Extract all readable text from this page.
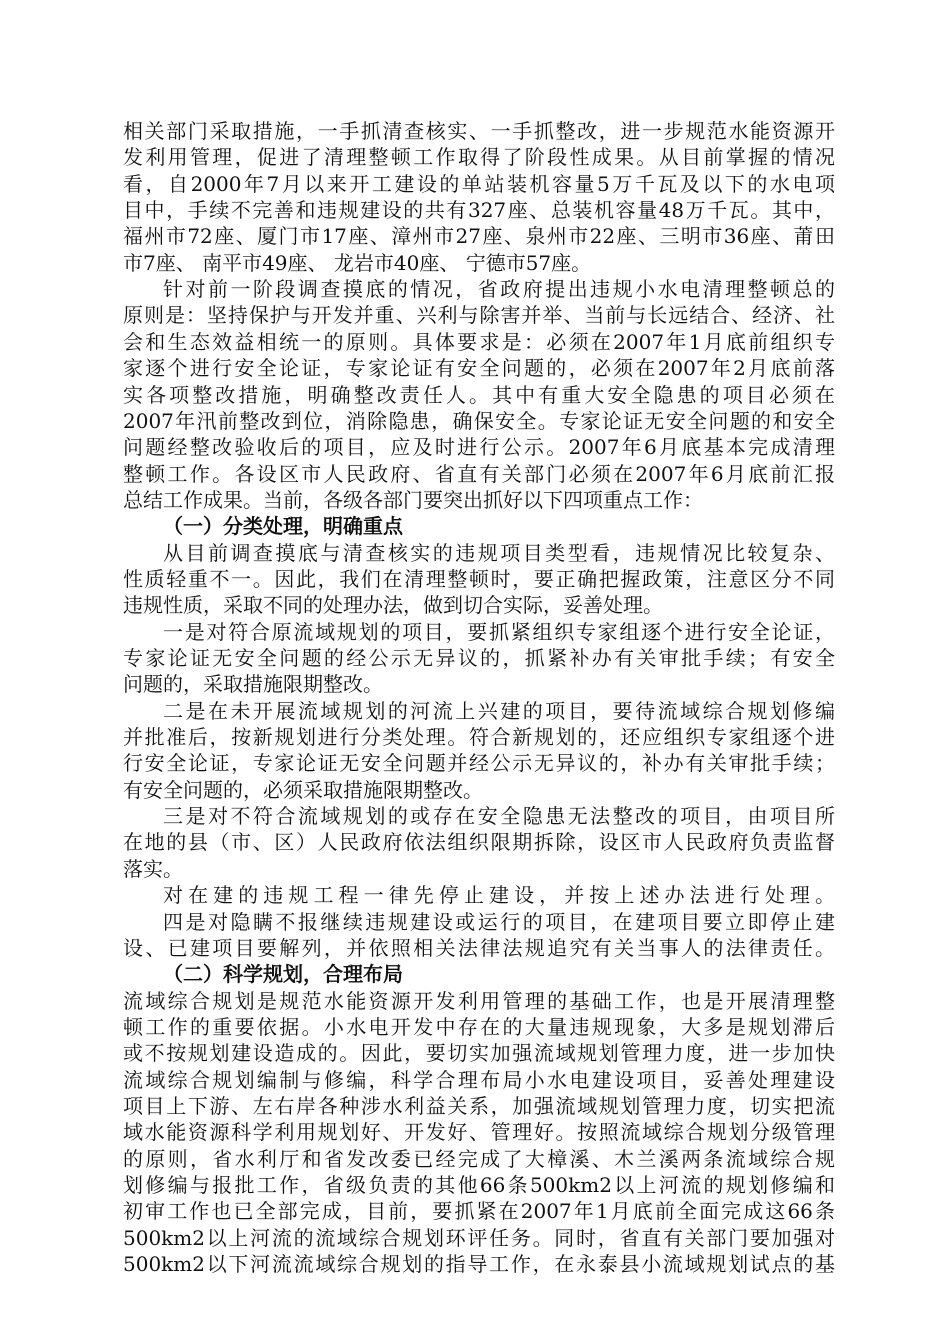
相关部门采取措施，一手抓清查核实、一手抓整改，进一步规范水能资源开
发利用管理，促进了清理整顿工作取得了阶段性成果。从目前掌握的情况
看，自2000年7月以来开工建设的单站装机容量5万千瓦及以下的水电项
目中，手续不完善和违规建设的共有327座、总装机容量48万千瓦。其中，
福州市72座、厦门市17座、漳州市27座、泉州市22座、三明市36座、莆田
市7座、 南平市49座、 龙岩市40座、 宁德市57座。
针对前一阶段调查摸底的情况，省政府提出违规小水电清理整顿总的
原则是：坚持保护与开发并重、兴利与除害并举、当前与长远结合、经济、社
会和生态效益相统一的原则。具体要求是：必须在2007年1月底前组织专
家逐个进行安全论证，专家论证有安全问题的，必须在2007年2月底前落
实各项整改措施，明确整改责任人。其中有重大安全隐患的项目必须在
2007年汛前整改到位，消除隐患，确保安全。专家论证无安全问题的和安全
问题经整改验收后的项目，应及时进行公示。2007年6月底基本完成清理
整顿工作。各设区市人民政府、省直有关部门必须在2007年6月底前汇报
总结工作成果。当前，各级各部门要突出抓好以下四项重点工作：
（一）分类处理，明确重点
从目前调查摸底与清查核实的违规项目类型看，违规情况比较复杂、
性质轻重不一。因此，我们在清理整顿时，要正确把握政策，注意区分不同
违规性质，采取不同的处理办法，做到切合实际，妥善处理。
一是对符合原流域规划的项目，要抓紧组织专家组逐个进行安全论证，
专家论证无安全问题的经公示无异议的，抓紧补办有关审批手续；有安全
问题的，采取措施限期整改。
二是在未开展流域规划的河流上兴建的项目，要待流域综合规划修编
并批准后，按新规划进行分类处理。符合新规划的，还应组织专家组逐个进
行安全论证，专家论证无安全问题并经公示无异议的，补办有关审批手续；
有安全问题的，必须采取措施限期整改。
三是对不符合流域规划的或存在安全隐患无法整改的项目，由项目所
在地的县（市、区）人民政府依法组织限期拆除，设区市人民政府负责监督
落实。
对在建的违规工程一律先停止建设，并按上述办法进行处理。
四是对隐瞒不报继续违规建设或运行的项目，在建项目要立即停止建
设、已建项目要解列，并依照相关法律法规追究有关当事人的法律责任。
（二）科学规划，合理布局
流域综合规划是规范水能资源开发利用管理的基础工作，也是开展清理整
顿工作的重要依据。小水电开发中存在的大量违规现象，大多是规划滞后
或不按规划建设造成的。因此，要切实加强流域规划管理力度，进一步加快
流域综合规划编制与修编，科学合理布局小水电建设项目，妥善处理建设
项目上下游、左右岸各种涉水利益关系，加强流域规划管理力度，切实把流
域水能资源科学利用规划好、开发好、管理好。按照流域综合规划分级管理
的原则，省水利厅和省发改委已经完成了大樟溪、木兰溪两条流域综合规
划修编与报批工作，省级负责的其他66条500km2以上河流的规划修编和
初审工作也已全部完成，目前，要抓紧在2007年1月底前全面完成这66条
500km2以上河流的流域综合规划环评任务。同时，省直有关部门要加强对
500km2以下河流流域综合规划的指导工作，在永泰县小流域规划试点的基
